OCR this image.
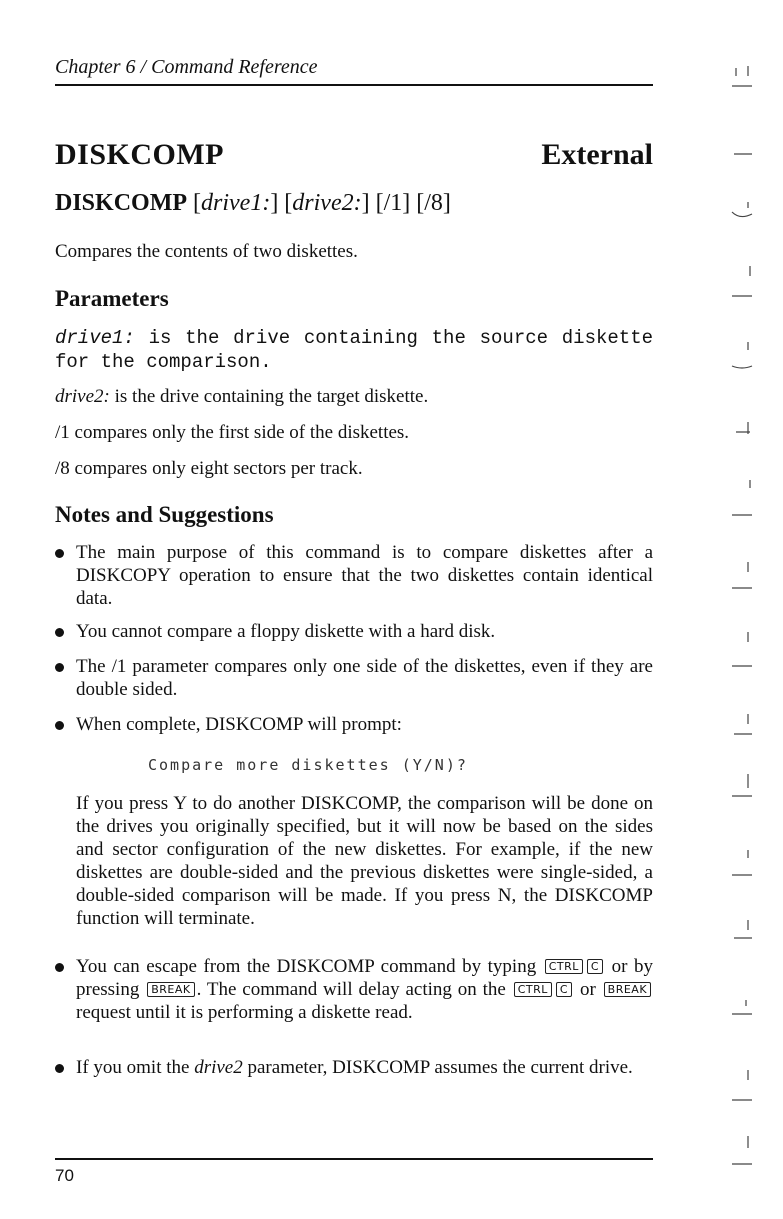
Chapter 6 / Command Reference
DISKCOMP	External
DISKCOMP [drive1:] [drive2:] [/1] [/8]
Compares the contents of two diskettes.
Parameters
drive1: is the drive containing the source diskette for the comparison.
drive2: is the drive containing the target diskette.
/1 compares only the first side of the diskettes.
/8 compares only eight sectors per track.
Notes and Suggestions
The main purpose of this command is to compare diskettes after a DISKCOPY operation to ensure that the two diskettes contain identical data.
You cannot compare a floppy diskette with a hard disk.
The /1 parameter compares only one side of the diskettes, even if they are double sided.
When complete, DISKCOMP will prompt:
Compare more diskettes (Y/N)?
If you press Y to do another DISKCOMP, the comparison will be done on the drives you originally specified, but it will now be based on the sides and sector configuration of the new diskettes. For example, if the new diskettes are double-sided and the previous diskettes were single-sided, a double-sided comparison will be made. If you press N, the DISKCOMP function will terminate.
You can escape from the DISKCOMP command by typing CTRL C or by pressing BREAK . The command will delay acting on the CTRL C or BREAK request until it is performing a diskette read.
If you omit the drive2 parameter, DISKCOMP assumes the current drive.
70
